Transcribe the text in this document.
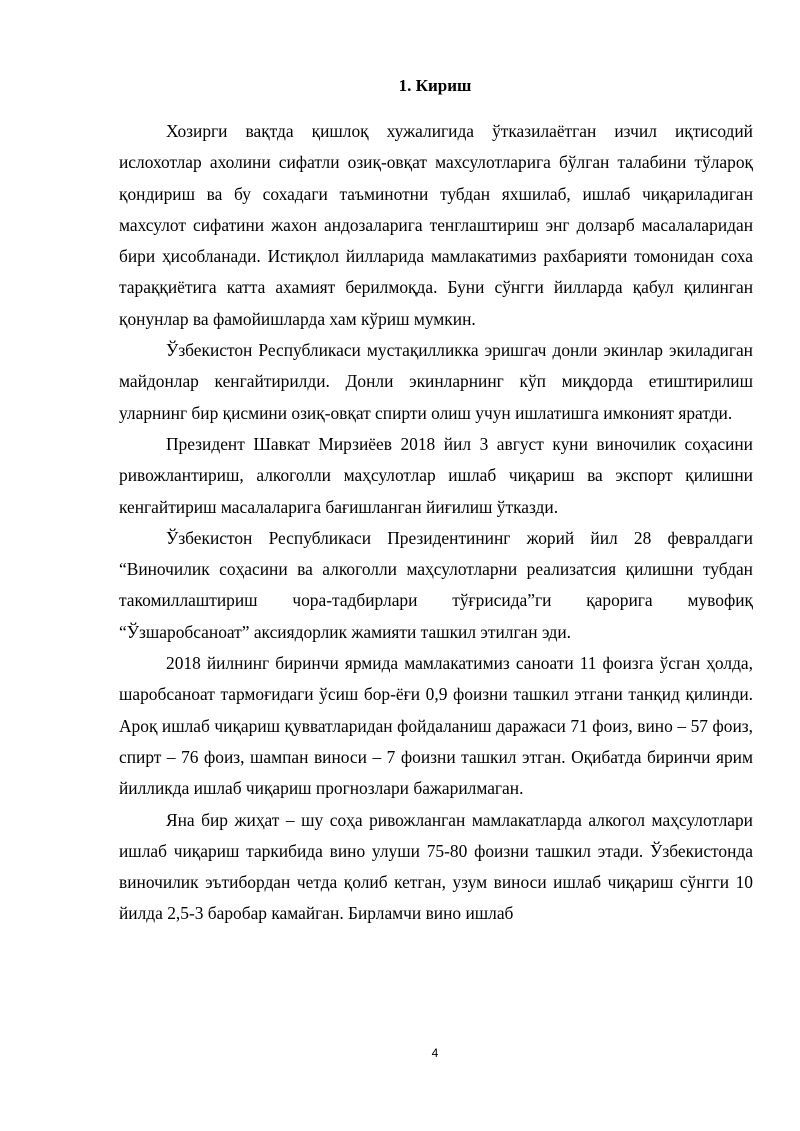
1. Кириш

Хозирги вақтда қишлоқ хужалигида ўтказилаётган изчил иқтисодий ислохотлар ахолини сифатли озиқ-овқат махсулотларига бўлган талабини тўлароқ қондириш ва бу сохадаги таъминотни тубдан яхшилаб, ишлаб чиқариладиган махсулот сифатини жахон андозаларига тенглаштириш энг долзарб масалаларидан бири ҳисобланади. Истиқлол йилларида мамлакатимиз рахбарияти томонидан соха тараққиётига катта ахамият берилмоқда. Буни сўнгги йилларда қабул қилинган қонунлар ва фамойишларда хам кўриш мумкин.

Ўзбекистон Республикаси мустақилликка эришгач донли экинлар экиладиган майдонлар кенгайтирилди. Донли экинларнинг кўп миқдорда етиштирилиш уларнинг бир қисмини озиқ-овқат спирти олиш учун ишлатишга имконият яратди.

Президент Шавкат Мирзиёев 2018 йил 3 август куни виночилик соҳасини ривожлантириш, алкоголли маҳсулотлар ишлаб чиқариш ва экспорт қилишни кенгайтириш масалаларига бағишланган йиғилиш ўтказди.

Ўзбекистон Республикаси Президентининг жорий йил 28 февралдаги “Виночилик соҳасини ва алкоголли маҳсулотларни реализатсия қилишни тубдан такомиллаштириш чора-тадбирлари тўғрисида”ги қарорига мувофиқ “Ўзшаробсаноат” аксиядорлик жамияти ташкил этилган эди.

2018 йилнинг биринчи ярмида мамлакатимиз саноати 11 фоизга ўсган ҳолда, шаробсаноат тармоғидаги ўсиш бор-ёғи 0,9 фоизни ташкил этгани танқид қилинди. Ароқ ишлаб чиқариш қувватларидан фойдаланиш даражаси 71 фоиз, вино – 57 фоиз, спирт – 76 фоиз, шампан виноси – 7 фоизни ташкил этган. Оқибатда биринчи ярим йилликда ишлаб чиқариш прогнозлари бажарилмаган.

Яна бир жиҳат – шу соҳа ривожланган мамлакатларда алкогол маҳсулотлари ишлаб чиқариш таркибида вино улуши 75-80 фоизни ташкил этади. Ўзбекистонда виночилик эътибордан четда қолиб кетган, узум виноси ишлаб чиқариш сўнгги 10 йилда 2,5-3 баробар камайган. Бирламчи вино ишлаб

4
